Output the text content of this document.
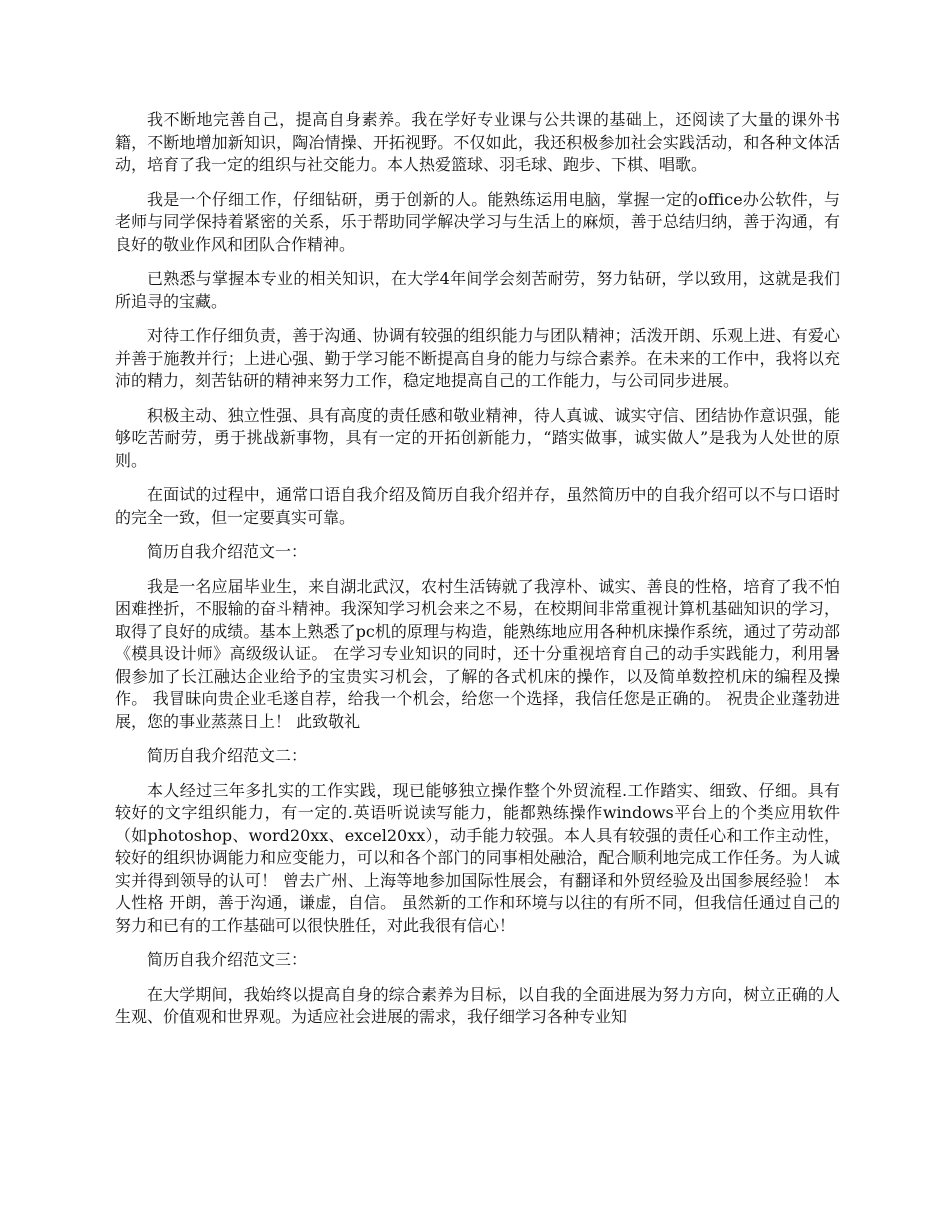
我不断地完善自己，提高自身素养。我在学好专业课与公共课的基础上，还阅读了大量的课外书籍，不断地增加新知识，陶冶情操、开拓视野。不仅如此，我还积极参加社会实践活动，和各种文体活动，培育了我一定的组织与社交能力。本人热爱篮球、羽毛球、跑步、下棋、唱歌。

我是一个仔细工作，仔细钻研，勇于创新的人。能熟练运用电脑，掌握一定的office办公软件，与老师与同学保持着紧密的关系，乐于帮助同学解决学习与生活上的麻烦，善于总结归纳，善于沟通，有良好的敬业作风和团队合作精神。

已熟悉与掌握本专业的相关知识，在大学4年间学会刻苦耐劳，努力钻研，学以致用，这就是我们所追寻的宝藏。

对待工作仔细负责，善于沟通、协调有较强的组织能力与团队精神；活泼开朗、乐观上进、有爱心并善于施教并行；上进心强、勤于学习能不断提高自身的能力与综合素养。在未来的工作中，我将以充沛的精力，刻苦钻研的精神来努力工作，稳定地提高自己的工作能力，与公司同步进展。

积极主动、独立性强、具有高度的责任感和敬业精神，待人真诚、诚实守信、团结协作意识强，能够吃苦耐劳，勇于挑战新事物，具有一定的开拓创新能力，“踏实做事，诚实做人”是我为人处世的原则。

在面试的过程中，通常口语自我介绍及简历自我介绍并存，虽然简历中的自我介绍可以不与口语时的完全一致，但一定要真实可靠。

简历自我介绍范文一：

我是一名应届毕业生，来自湖北武汉，农村生活铸就了我淳朴、诚实、善良的性格，培育了我不怕困难挫折，不服输的奋斗精神。我深知学习机会来之不易，在校期间非常重视计算机基础知识的学习，取得了良好的成绩。基本上熟悉了pc机的原理与构造，能熟练地应用各种机床操作系统，通过了劳动部《模具设计师》高级级认证。 在学习专业知识的同时，还十分重视培育自己的动手实践能力，利用暑假参加了长江融达企业给予的宝贵实习机会，了解的各式机床的操作，以及简单数控机床的编程及操作。 我冒昧向贵企业毛遂自荐，给我一个机会，给您一个选择，我信任您是正确的。 祝贵企业蓬勃进展，您的事业蒸蒸日上！ 此致敬礼

简历自我介绍范文二：

本人经过三年多扎实的工作实践，现已能够独立操作整个外贸流程.工作踏实、细致、仔细。具有较好的文字组织能力，有一定的.英语听说读写能力，能都熟练操作windows平台上的个类应用软件（如photoshop、word20xx、excel20xx），动手能力较强。本人具有较强的责任心和工作主动性，较好的组织协调能力和应变能力，可以和各个部门的同事相处融洽，配合顺利地完成工作任务。为人诚实并得到领导的认可！ 曾去广州、上海等地参加国际性展会，有翻译和外贸经验及出国参展经验！ 本人性格 开朗，善于沟通，谦虚，自信。 虽然新的工作和环境与以往的有所不同，但我信任通过自己的努力和已有的工作基础可以很快胜任，对此我很有信心！

简历自我介绍范文三：

在大学期间，我始终以提高自身的综合素养为目标，以自我的全面进展为努力方向，树立正确的人生观、价值观和世界观。为适应社会进展的需求，我仔细学习各种专业知
